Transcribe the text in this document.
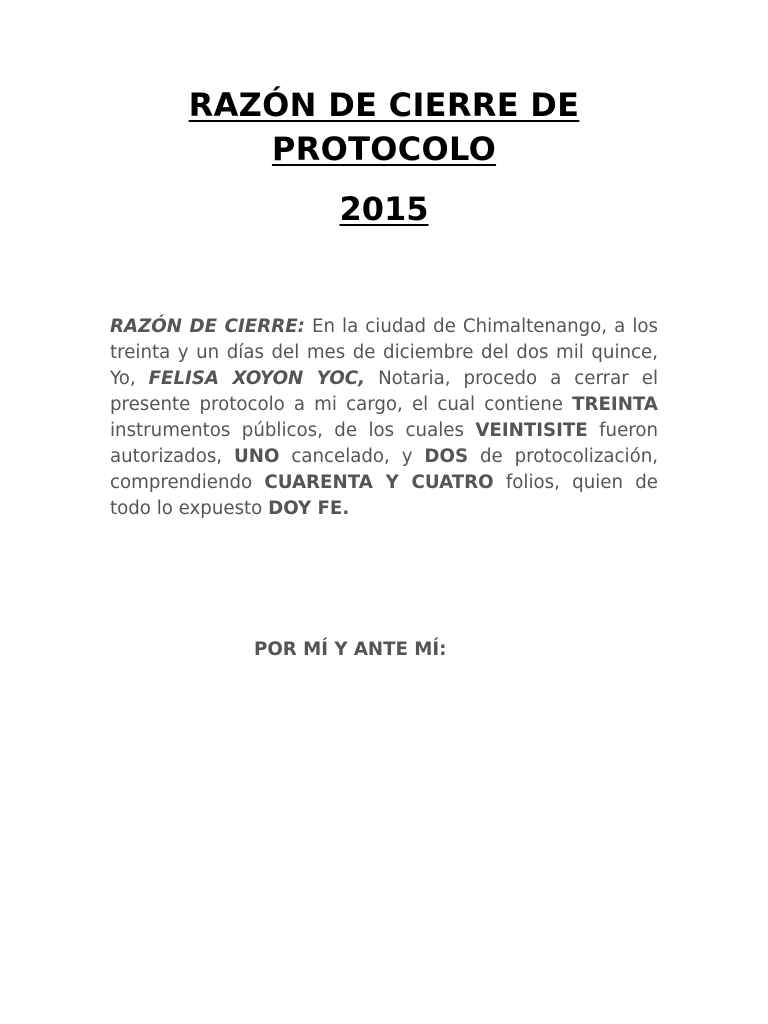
RAZÓN DE CIERRE DE
PROTOCOLO
2015

RAZÓN DE CIERRE: En la ciudad de Chimaltenango, a los treinta y un días del mes de diciembre del dos mil quince, Yo, FELISA XOYON YOC, Notaria, procedo a cerrar el presente protocolo a mi cargo, el cual contiene TREINTA instrumentos públicos, de los cuales VEINTISITE fueron autorizados, UNO cancelado, y DOS de protocolización, comprendiendo CUARENTA Y CUATRO folios, quien de todo lo expuesto DOY FE.

POR MÍ Y ANTE MÍ:
